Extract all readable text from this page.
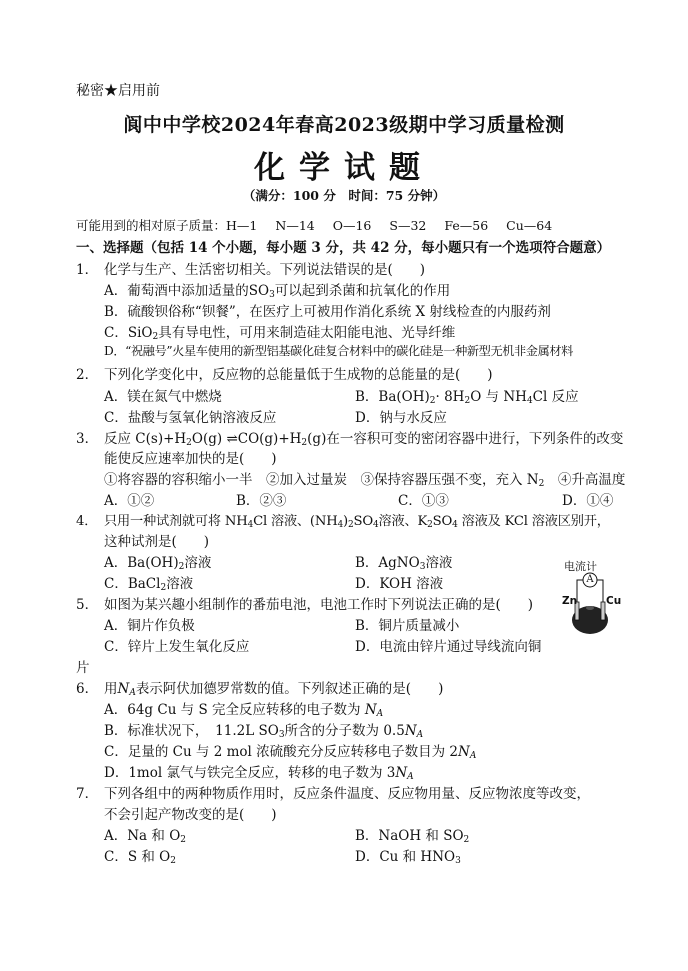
秘密★启用前
阆中中学校2024年春高2023级期中学习质量检测
化学试题
（满分：100 分　时间：75 分钟）
可能用到的相对原子质量：H—1 N—14 O—16 S—32 Fe—56 Cu—64
一、选择题（包括 14 个小题，每小题 3 分，共 42 分，每小题只有一个选项符合题意）
1． 化学与生产、生活密切相关。下列说法错误的是(　　)
A．葡萄酒中添加适量的$SO_3$可以起到杀菌和抗氧化的作用
B．硫酸钡俗称“钡餐”，在医疗上可被用作消化系统 X 射线检查的内服药剂
C．SiO$_2$具有导电性，可用来制造硅太阳能电池、光导纤维
D．“祝融号”火星车使用的新型铝基碳化硅复合材料中的碳化硅是一种新型无机非金属材料
2． 下列化学变化中，反应物的总能量低于生成物的总能量的是(　　)
A．镁在氮气中燃烧	B．$Ba(OH)_2\cdot 8H_2O$ 与 $NH_4Cl$ 反应
C．盐酸与氢氧化钠溶液反应	D．钠与水反应
3． 反应 $C(s)+H_2O(g)$ $\rightleftharpoons CO(g)+H_2(g)$在一容积可变的密闭容器中进行，下列条件的改变
能使反应速率加快的是(　　)
①将容器的容积缩小一半　②加入过量炭　③保持容器压强不变，充入 $N_2$　④升高温度
A．①②	B．②③	C．①③	D．①④
4． 只用一种试剂就可将 $NH_4Cl$ 溶液、$(NH_4)_2SO_4$溶液、$K_2SO_4$ 溶液及 KCl 溶液区别开，
这种试剂是(　　)
A．$Ba(OH)_2$溶液	B．AgNO$_3$溶液
C．BaCl$_2$溶液	D．KOH 溶液
电流计
A
Zn	Cu
5． 如图为某兴趣小组制作的番茄电池，电池工作时下列说法正确的是(　　)
A．铜片作负极	B．铜片质量减小
C．锌片上发生氧化反应	D．电流由锌片通过导线流向铜
片
6． 用$N_A$表示阿伏加德罗常数的值。下列叙述正确的是(　　)
A．64g Cu 与 S 完全反应转移的电子数为 $N_A$
B．标准状况下，　11.2L $SO_3$所含的分子数为 $0.5N_A$
C．足量的 Cu 与 2 mol 浓硫酸充分反应转移电子数目为 $2N_A$
D．1mol 氯气与铁完全反应，转移的电子数为 $3N_A$
7． 下列各组中的两种物质作用时，反应条件温度、反应物用量、反应物浓度等改变，
不会引起产物改变的是(　　)
A．Na 和 $O_2$	B．NaOH 和 $SO_2$
C．S 和 $O_2$	D．Cu 和 $HNO_3$
